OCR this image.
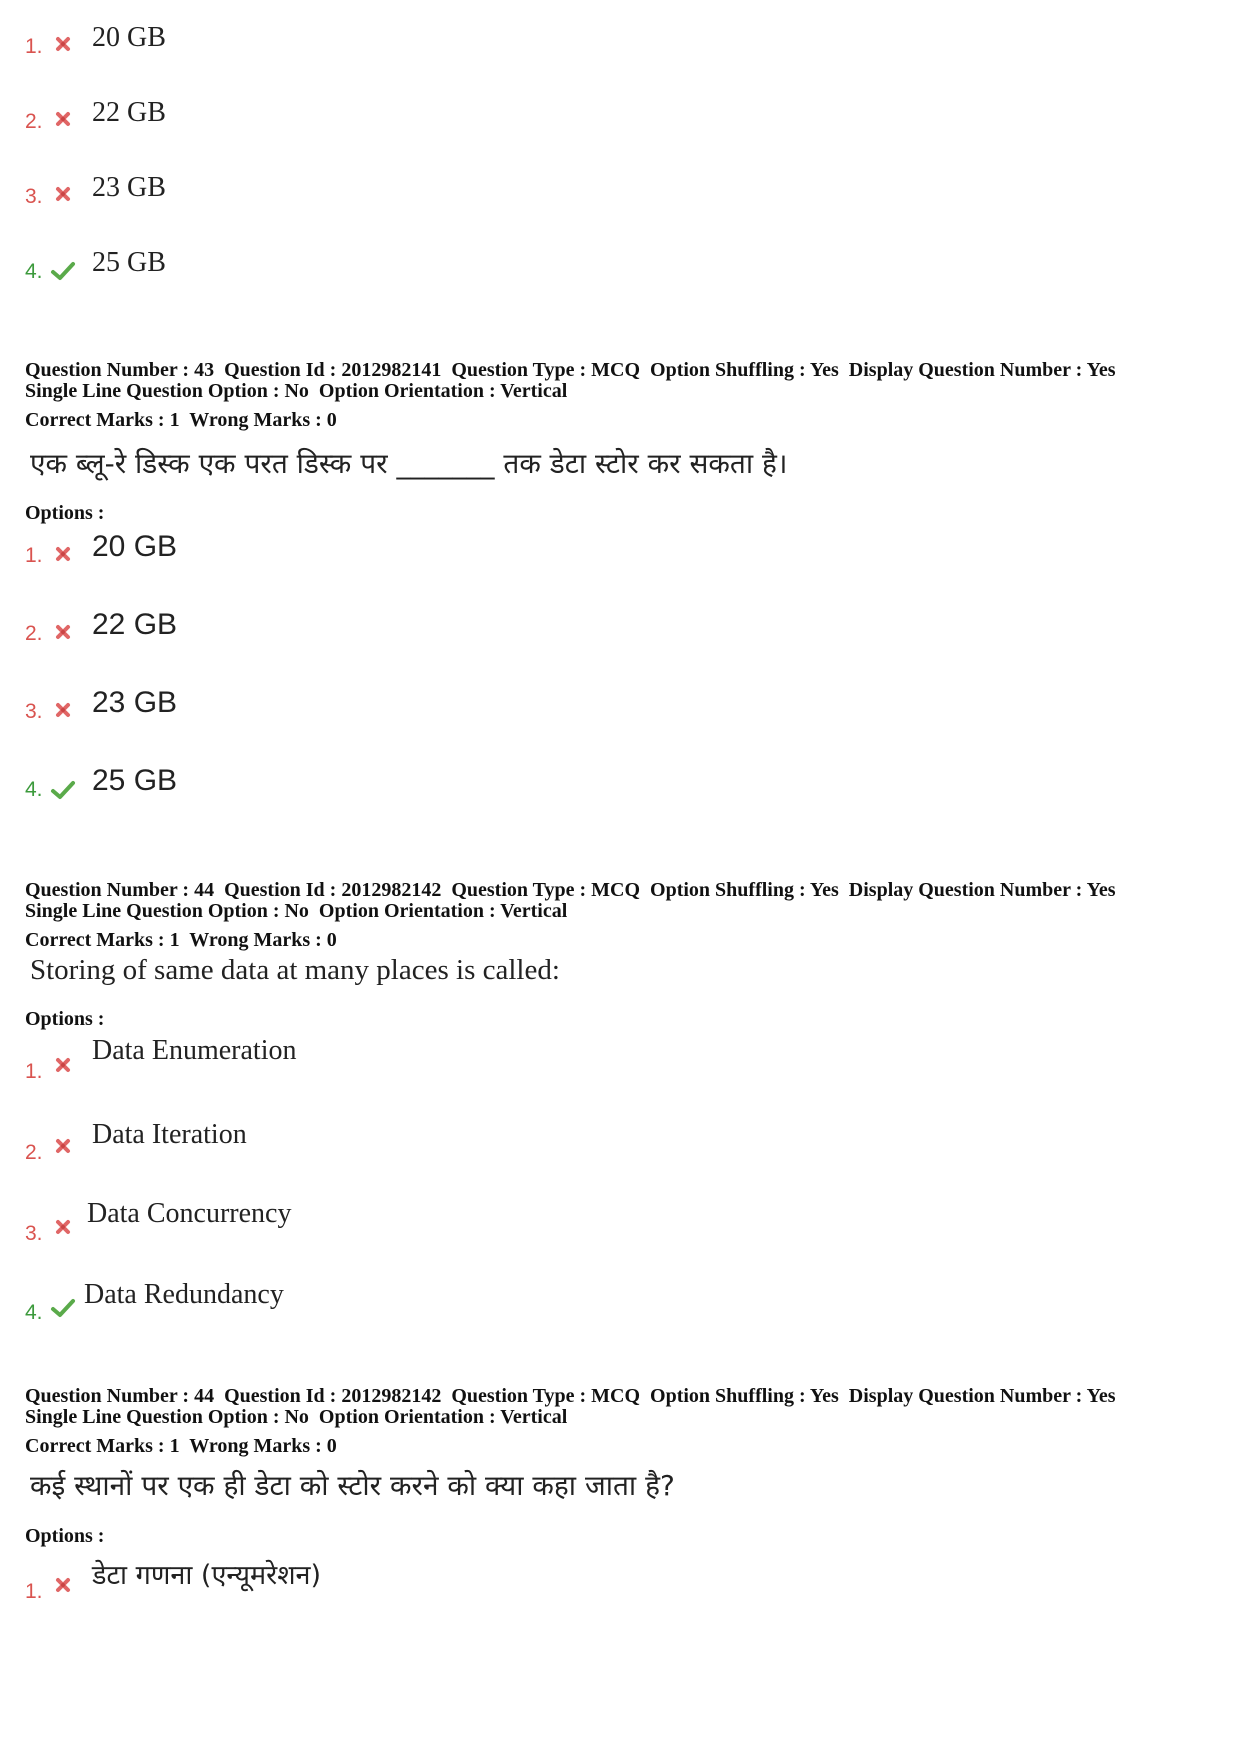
1. 20 GB
2. 22 GB
3. 23 GB
4. 25 GB
Question Number : 43  Question Id : 2012982141  Question Type : MCQ  Option Shuffling : Yes  Display Question Number : Yes
Single Line Question Option : No  Option Orientation : Vertical
Correct Marks : 1  Wrong Marks : 0
एक ब्लू-रे डिस्क एक परत डिस्क पर _______ तक डेटा स्टोर कर सकता है।
Options :
1. 20 GB
2. 22 GB
3. 23 GB
4. 25 GB
Question Number : 44  Question Id : 2012982142  Question Type : MCQ  Option Shuffling : Yes  Display Question Number : Yes
Single Line Question Option : No  Option Orientation : Vertical
Correct Marks : 1  Wrong Marks : 0
Storing of same data at many places is called:
Options :
1.
Data Enumeration
2.
Data Iteration
3.
Data Concurrency
4.
Data Redundancy
Question Number : 44  Question Id : 2012982142  Question Type : MCQ  Option Shuffling : Yes  Display Question Number : Yes
Single Line Question Option : No  Option Orientation : Vertical
Correct Marks : 1  Wrong Marks : 0
कई स्थानों पर एक ही डेटा को स्टोर करने को क्या कहा जाता है?
Options :
1.
डेटा गणना (एन्यूमरेशन)
